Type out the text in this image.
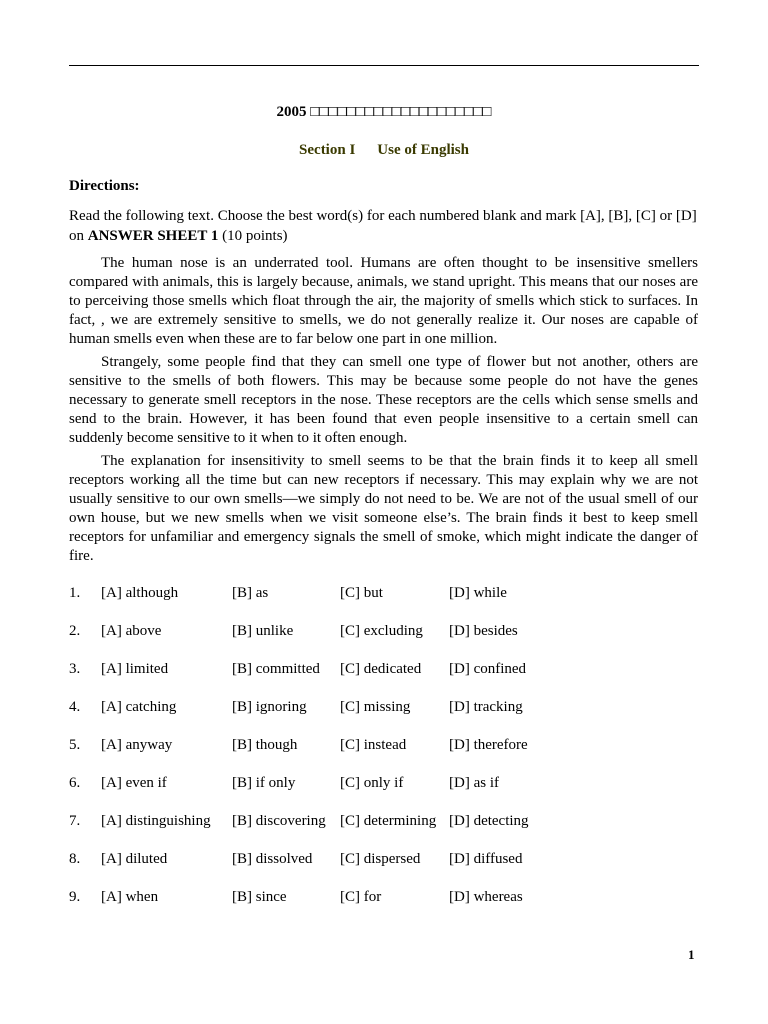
2005 □□□□□□□□□□□□□□□□□□□□
Section I Use of English
Directions:
Read the following text. Choose the best word(s) for each numbered blank and mark [A], [B], [C] or [D] on ANSWER SHEET 1 (10 points)

The human nose is an underrated tool. Humans are often thought to be insensitive smellers compared with animals, this is largely because, animals, we stand upright. This means that our noses are to perceiving those smells which float through the air, the majority of smells which stick to surfaces. In fact, , we are extremely sensitive to smells, we do not generally realize it. Our noses are capable of human smells even when these are to far below one part in one million.

Strangely, some people find that they can smell one type of flower but not another, others are sensitive to the smells of both flowers. This may be because some people do not have the genes necessary to generate smell receptors in the nose. These receptors are the cells which sense smells and send to the brain. However, it has been found that even people insensitive to a certain smell can suddenly become sensitive to it when to it often enough.

The explanation for insensitivity to smell seems to be that the brain finds it to keep all smell receptors working all the time but can new receptors if necessary. This may explain why we are not usually sensitive to our own smells—we simply do not need to be. We are not of the usual smell of our own house, but we new smells when we visit someone else’s. The brain finds it best to keep smell receptors for unfamiliar and emergency signals the smell of smoke, which might indicate the danger of fire.

1.	[A] although	[B] as	[C] but	[D] while
2.	[A] above	[B] unlike	[C] excluding	[D] besides
3.	[A] limited	[B] committed	[C] dedicated	[D] confined
4.	[A] catching	[B] ignoring	[C] missing	[D] tracking
5.	[A] anyway	[B] though	[C] instead	[D] therefore
6.	[A] even if	[B] if only	[C] only if	[D] as if
7.	[A] distinguishing	[B] discovering [C] determining [D] detecting
8.	[A] diluted	[B] dissolved	[C] dispersed	[D] diffused
9.	[A] when	[B] since	[C] for	[D] whereas
1
